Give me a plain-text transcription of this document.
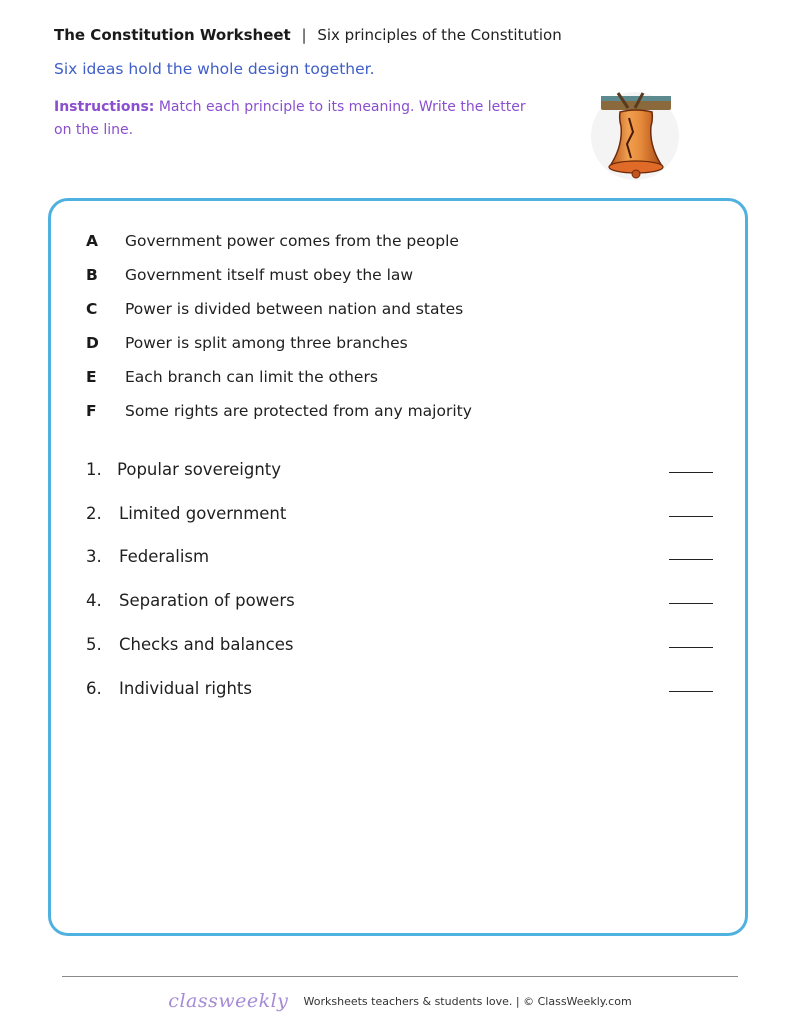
The Constitution Worksheet | Six principles of the Constitution
Six ideas hold the whole design together.
Instructions: Match each principle to its meaning. Write the letter on the line.
A Government power comes from the people
B Government itself must obey the law
C Power is divided between nation and states
D Power is split among three branches
E Each branch can limit the others
F Some rights are protected from any majority
1. Popular sovereignty
2. Limited government
3. Federalism
4. Separation of powers
5. Checks and balances
6. Individual rights
classweekly Worksheets teachers & students love. | © ClassWeekly.com
